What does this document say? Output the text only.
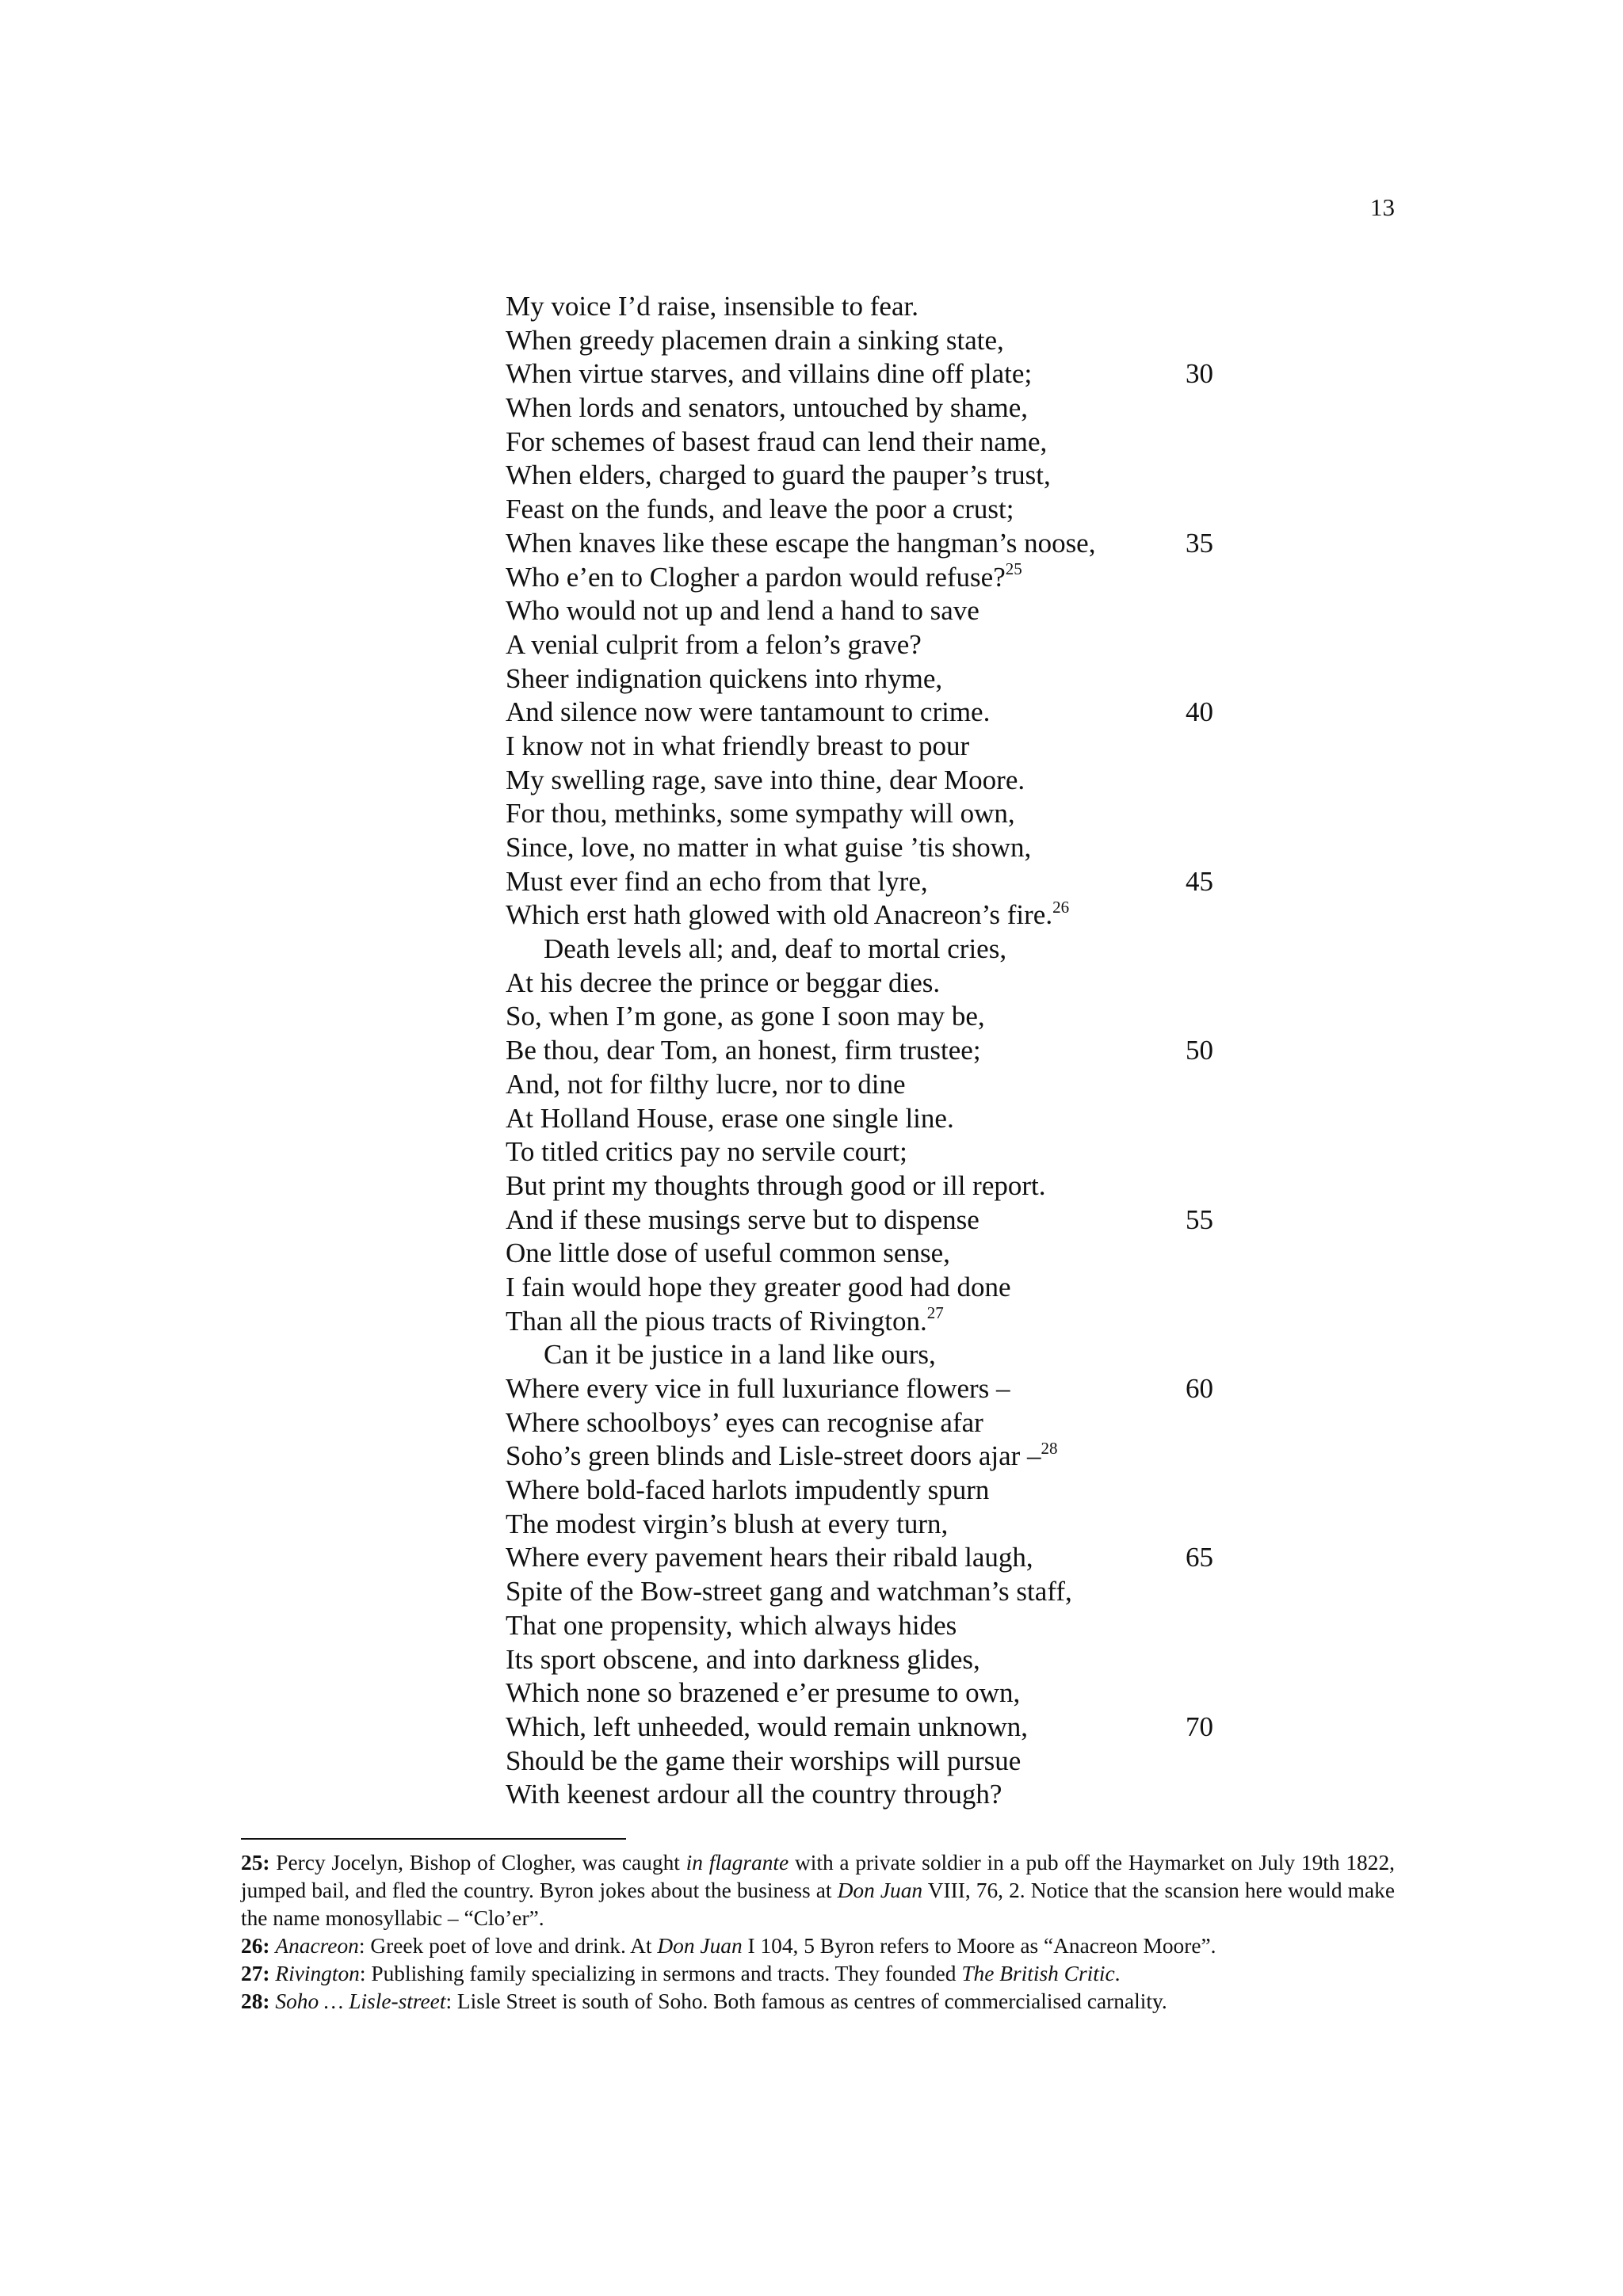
13
My voice I’d raise, insensible to fear.
When greedy placemen drain a sinking state,
When virtue starves, and villains dine off plate;	30
When lords and senators, untouched by shame,
For schemes of basest fraud can lend their name,
When elders, charged to guard the pauper’s trust,
Feast on the funds, and leave the poor a crust;
When knaves like these escape the hangman’s noose,	35
Who e’en to Clogher a pardon would refuse?$^{25}$
Who would not up and lend a hand to save
A venial culprit from a felon’s grave?
Sheer indignation quickens into rhyme,
And silence now were tantamount to crime.	40
I know not in what friendly breast to pour
My swelling rage, save into thine, dear Moore.
For thou, methinks, some sympathy will own,
Since, love, no matter in what guise ’tis shown,
Must ever find an echo from that lyre,	45
Which erst hath glowed with old Anacreon’s fire.$^{26}$
Death levels all; and, deaf to mortal cries,
At his decree the prince or beggar dies.
So, when I’m gone, as gone I soon may be,
Be thou, dear Tom, an honest, firm trustee;	50
And, not for filthy lucre, nor to dine
At Holland House, erase one single line.
To titled critics pay no servile court;
But print my thoughts through good or ill report.
And if these musings serve but to dispense	55
One little dose of useful common sense,
I fain would hope they greater good had done
Than all the pious tracts of Rivington.$^{27}$
Can it be justice in a land like ours,
Where every vice in full luxuriance flowers –	60
Where schoolboys’ eyes can recognise afar
Soho’s green blinds and Lisle-street doors ajar –$^{28}$
Where bold-faced harlots impudently spurn
The modest virgin’s blush at every turn,
Where every pavement hears their ribald laugh,	65
Spite of the Bow-street gang and watchman’s staff,
That one propensity, which always hides
Its sport obscene, and into darkness glides,
Which none so brazened e’er presume to own,
Which, left unheeded, would remain unknown,	70
Should be the game their worships will pursue
With keenest ardour all the country through?

25: Percy Jocelyn, Bishop of Clogher, was caught in flagrante with a private soldier in a pub off the Haymarket on July 19th 1822, jumped bail, and fled the country. Byron jokes about the business at Don Juan VIII, 76, 2. Notice that the scansion here would make the name monosyllabic – “Clo’er”.

26: Anacreon: Greek poet of love and drink. At Don Juan I 104, 5 Byron refers to Moore as “Anacreon Moore”.

27: Rivington: Publishing family specializing in sermons and tracts. They founded The British Critic.

28: Soho … Lisle-street: Lisle Street is south of Soho. Both famous as centres of commercialised carnality.
